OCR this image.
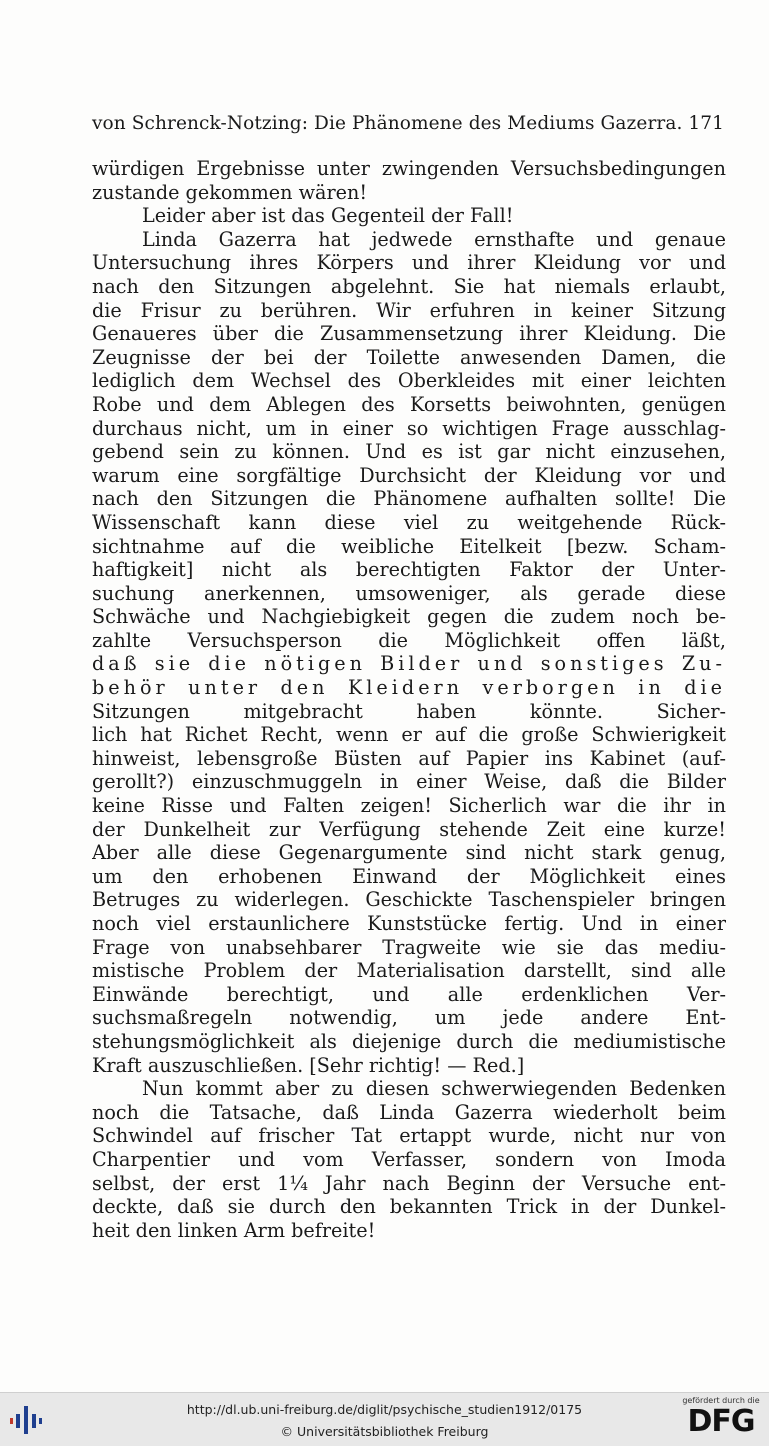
von Schrenck-Notzing: Die Phänomene des Mediums Gazerra. 171
würdigen Ergebnisse unter zwingenden Versuchsbedingungen
zustande gekommen wären!
Leider aber ist das Gegenteil der Fall!
Linda Gazerra hat jedwede ernsthafte und genaue
Untersuchung ihres Körpers und ihrer Kleidung vor und
nach den Sitzungen abgelehnt. Sie hat niemals erlaubt,
die Frisur zu berühren. Wir erfuhren in keiner Sitzung
Genaueres über die Zusammensetzung ihrer Kleidung. Die
Zeugnisse der bei der Toilette anwesenden Damen, die
lediglich dem Wechsel des Oberkleides mit einer leichten
Robe und dem Ablegen des Korsetts beiwohnten, genügen
durchaus nicht, um in einer so wichtigen Frage ausschlag-
gebend sein zu können. Und es ist gar nicht einzusehen,
warum eine sorgfältige Durchsicht der Kleidung vor und
nach den Sitzungen die Phänomene aufhalten sollte! Die
Wissenschaft kann diese viel zu weitgehende Rück-
sichtnahme auf die weibliche Eitelkeit [bezw. Scham-
haftigkeit] nicht als berechtigten Faktor der Unter-
suchung anerkennen, umsoweniger, als gerade diese
Schwäche und Nachgiebigkeit gegen die zudem noch be-
zahlte Versuchsperson die Möglichkeit offen läßt,
daß sie die nötigen Bilder und sonstiges Zu-
behör unter den Kleidern verborgen in die
Sitzungen mitgebracht haben könnte. Sicher-
lich hat Richet Recht, wenn er auf die große Schwierigkeit
hinweist, lebensgroße Büsten auf Papier ins Kabinet (auf-
gerollt?) einzuschmuggeln in einer Weise, daß die Bilder
keine Risse und Falten zeigen! Sicherlich war die ihr in
der Dunkelheit zur Verfügung stehende Zeit eine kurze!
Aber alle diese Gegenargumente sind nicht stark genug,
um den erhobenen Einwand der Möglichkeit eines
Betruges zu widerlegen. Geschickte Taschenspieler bringen
noch viel erstaunlichere Kunststücke fertig. Und in einer
Frage von unabsehbarer Tragweite wie sie das mediu-
mistische Problem der Materialisation darstellt, sind alle
Einwände berechtigt, und alle erdenklichen Ver-
suchsmaßregeln notwendig, um jede andere Ent-
stehungsmöglichkeit als diejenige durch die mediumistische
Kraft auszuschließen. [Sehr richtig! — Red.]
Nun kommt aber zu diesen schwerwiegenden Bedenken
noch die Tatsache, daß Linda Gazerra wiederholt beim
Schwindel auf frischer Tat ertappt wurde, nicht nur von
Charpentier und vom Verfasser, sondern von Imoda
selbst, der erst 1¼ Jahr nach Beginn der Versuche ent-
deckte, daß sie durch den bekannten Trick in der Dunkel-
heit den linken Arm befreite!
http://dl.ub.uni-freiburg.de/diglit/psychische_studien1912/0175
© Universitätsbibliothek Freiburg
gefördert durch die
DFG
